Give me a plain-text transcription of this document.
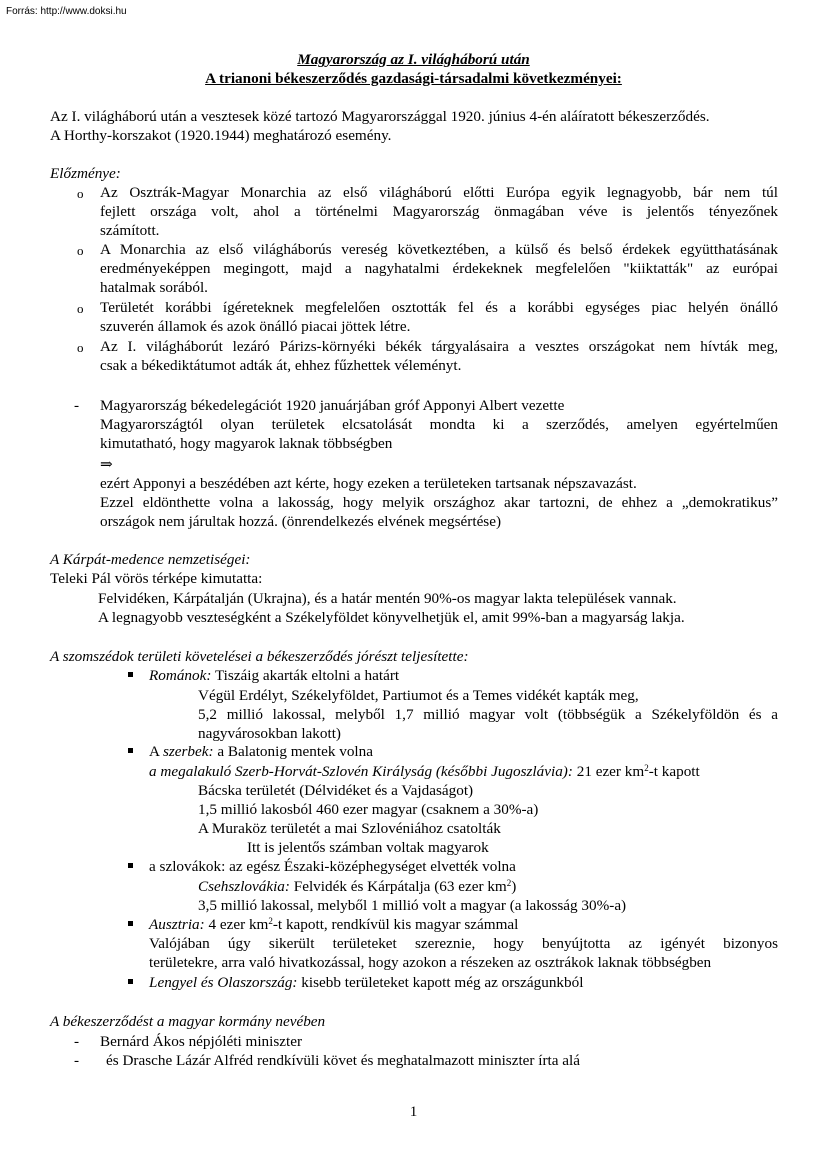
Forrás: http://www.doksi.hu
Magyarország az I. világháború után
A trianoni békeszerződés gazdasági-társadalmi következményei:
Az I. világháború után a vesztesek közé tartozó Magyarországgal 1920. június 4-én aláíratott békeszerződés.
A Horthy-korszakot (1920.1944) meghatározó esemény.
Előzménye:
o Az Osztrák-Magyar Monarchia az első világháború előtti Európa egyik legnagyobb, bár nem túl
fejlett országa volt, ahol a történelmi Magyarország önmagában véve is jelentős tényezőnek
számított.
o A Monarchia az első világháborús vereség következtében, a külső és belső érdekek együtthatásának
eredményeképpen megingott, majd a nagyhatalmi érdekeknek megfelelően "kiiktatták" az európai
hatalmak sorából.
o Területét korábbi ígéreteknek megfelelően osztották fel és a korábbi egységes piac helyén önálló
szuverén államok és azok önálló piacai jöttek létre.
o Az I. világháborút lezáró Párizs-környéki békék tárgyalásaira a vesztes országokat nem hívták meg,
csak a békediktátumot adták át, ehhez fűzhettek véleményt.
- Magyarország békedelegációt 1920 januárjában gróf Apponyi Albert vezette
Magyarországtól olyan területek elcsatolását mondta ki a szerződés, amelyen egyértelműen
kimutatható, hogy magyarok laknak többségben
⇒
ezért Apponyi a beszédében azt kérte, hogy ezeken a területeken tartsanak népszavazást.
Ezzel eldönthette volna a lakosság, hogy melyik országhoz akar tartozni, de ehhez a „demokratikus”
országok nem járultak hozzá. (önrendelkezés elvének megsértése)
A Kárpát-medence nemzetiségei:
Teleki Pál vörös térképe kimutatta:
Felvidéken, Kárpátalján (Ukrajna), és a határ mentén 90%-os magyar lakta települések vannak.
A legnagyobb veszteségként a Székelyföldet könyvelhetjük el, amit 99%-ban a magyarság lakja.
A szomszédok területi követelései a békeszerződés jórészt teljesítette:
Románok: Tiszáig akarták eltolni a határt
Végül Erdélyt, Székelyföldet, Partiumot és a Temes vidékét kapták meg,
5,2 millió lakossal, melyből 1,7 millió magyar volt (többségük a Székelyföldön és a
nagyvárosokban lakott)
A szerbek: a Balatonig mentek volna
a megalakuló Szerb-Horvát-Szlovén Királyság (későbbi Jugoszlávia): 21 ezer $km^2-t$ kapott
Bácska területét (Délvidéket és a Vajdaságot)
1,5 millió lakosból 460 ezer magyar (csaknem a 30%-a)
A Muraköz területét a mai Szlovéniához csatolták
Itt is jelentős számban voltak magyarok
a szlovákok: az egész Északi-középhegységet elvették volna
Csehszlovákia: Felvidék és Kárpátalja (63 ezer $km^2$)
3,5 millió lakossal, melyből 1 millió volt a magyar (a lakosság 30%-a)
Ausztria: 4 ezer $km^2-t$ kapott, rendkívül kis magyar számmal
Valójában úgy sikerült területeket szereznie, hogy benyújtotta az igényét bizonyos
területekre, arra való hivatkozással, hogy azokon a részeken az osztrákok laknak többségben
Lengyel és Olaszország: kisebb területeket kapott még az országunkból
A békeszerződést a magyar kormány nevében
- Bernárd Ákos népjóléti miniszter
- és Drasche Lázár Alfréd rendkívüli követ és meghatalmazott miniszter írta alá
1
